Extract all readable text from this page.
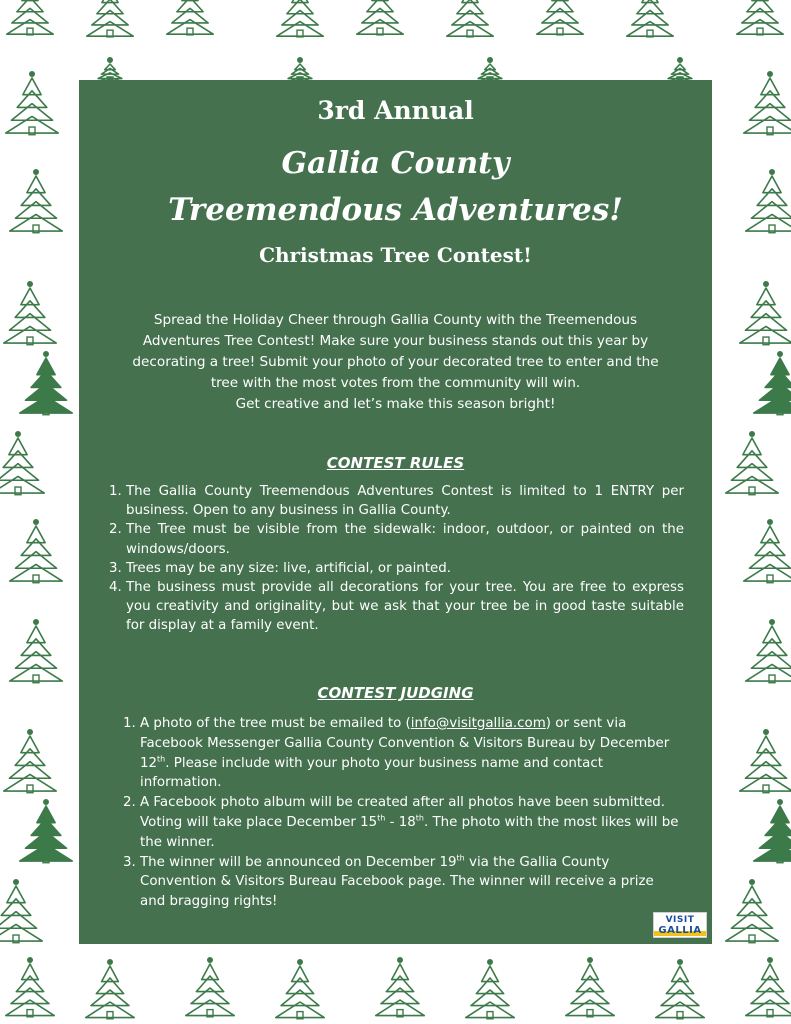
3rd Annual
Gallia County
Treemendous Adventures!
Christmas Tree Contest!

Spread the Holiday Cheer through Gallia County with the Treemendous

Adventures Tree Contest! Make sure your business stands out this year by

decorating a tree! Submit your photo of your decorated tree to enter and the

tree with the most votes from the community will win.

Get creative and let’s make this season bright!

CONTEST RULES
1. The Gallia County Treemendous Adventures Contest is limited to 1 ENTRY per business. Open to any business in Gallia County.
2. The Tree must be visible from the sidewalk: indoor, outdoor, or painted on the windows/doors.
3. Trees may be any size: live, artificial, or painted.
4. The business must provide all decorations for your tree. You are free to express you creativity and originality, but we ask that your tree be in good taste suitable for display at a family event.
CONTEST JUDGING
1. A photo of the tree must be emailed to (info@visitgallia.com) or sent via Facebook Messenger Gallia County Convention & Visitors Bureau by December 12th. Please include with your photo your business name and contact information.
2. A Facebook photo album will be created after all photos have been submitted. Voting will take place December 15th - 18th. The photo with the most likes will be the winner.
3. The winner will be announced on December 19th via the Gallia County Convention & Visitors Bureau Facebook page. The winner will receive a prize and bragging rights!
VISIT
GALLIA
